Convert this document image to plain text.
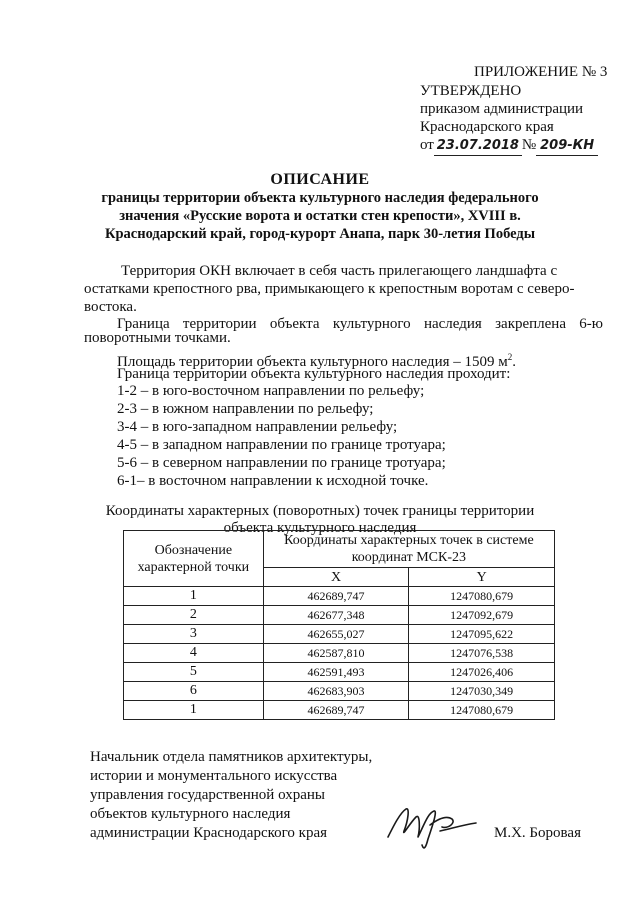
ПРИЛОЖЕНИЕ № 3
УТВЕРЖДЕНО
приказом администрации
Краснодарского края
от 23.07.2018 № 209-КН
ОПИСАНИЕ
границы территории объекта культурного наследия федерального
значения «Русские ворота и остатки стен крепости», XVIII в.
Краснодарский край, город-курорт Анапа, парк 30-летия Победы
Территория ОКН включает в себя часть прилегающего ландшафта с
остатками крепостного рва, примыкающего к крепостным воротам с северо-
востока.
Граница территории объекта культурного наследия закреплена 6-ю
поворотными точками.
Площадь территории объекта культурного наследия – 1509 $м^2$.
Граница территории объекта культурного наследия проходит:
1-2 – в юго-восточном направлении по рельефу;
2-3 – в южном направлении по рельефу;
3-4 – в юго-западном направлении рельефу;
4-5 – в западном направлении по границе тротуара;
5-6 – в северном направлении по границе тротуара;
6-1– в восточном направлении к исходной точке.
Координаты характерных (поворотных) точек границы территории
объекта культурного наследия
Обозначение характерной точки	Координаты характерных точек в системе координат МСК-23	
	X	Y
1	462689,747	1247080,679
2	462677,348	1247092,679
3	462655,027	1247095,622
4	462587,810	1247076,538
5	462591,493	1247026,406
6	462683,903	1247030,349
1	462689,747	1247080,679
Начальник отдела памятников архитектуры,
истории и монументального искусства
управления государственной охраны
объектов культурного наследия
администрации Краснодарского края	М.Х. Боровая
